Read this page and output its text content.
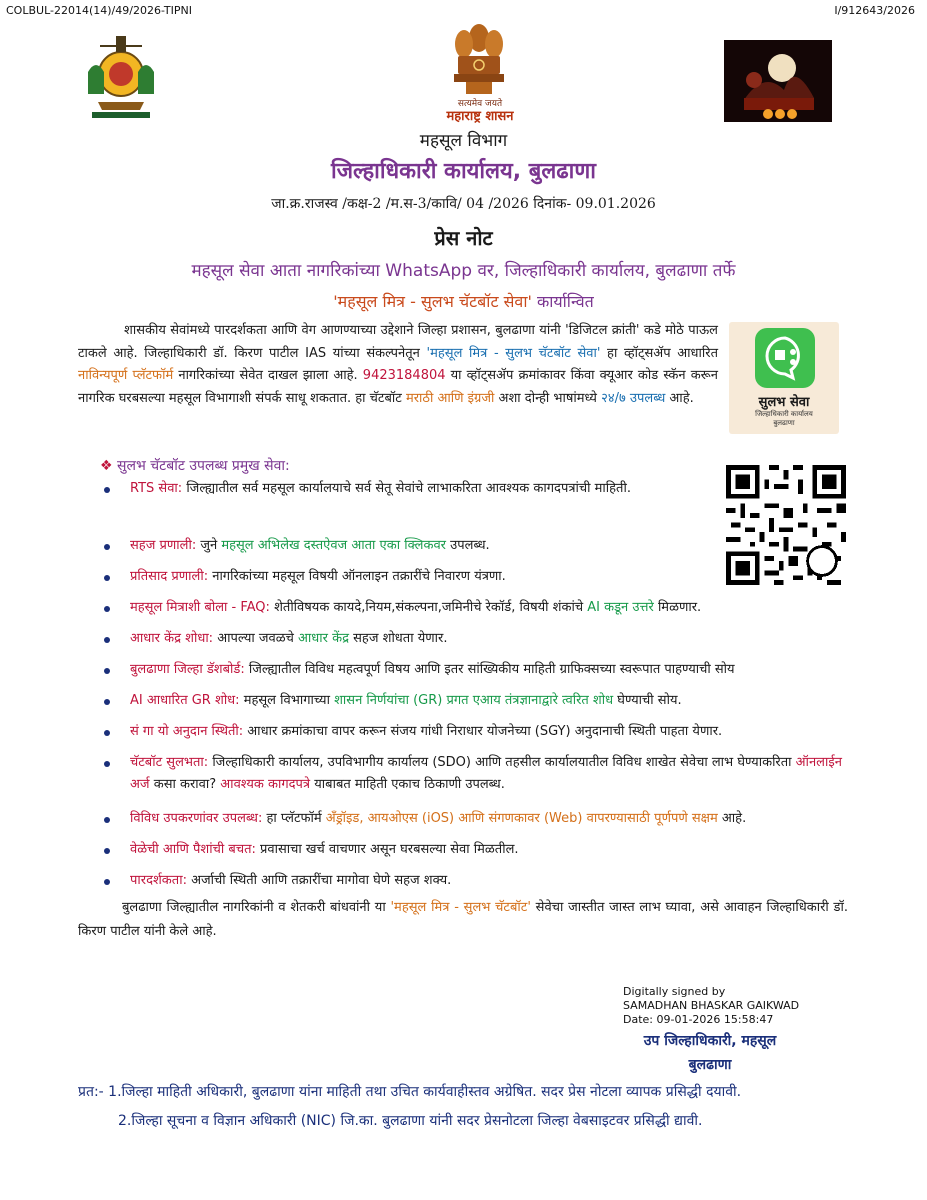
COLBUL-22014(14)/49/2026-TIPNI	I/912643/2026
सत्यमेव जयते
महाराष्ट्र शासन
महसूल विभाग
जिल्हाधिकारी कार्यालय, बुलढाणा
जा.क्र.राजस्व /कक्ष-2 /म.स-3/कावि/ 04 /2026 दिनांक- 09.01.2026
प्रेस नोट
महसूल सेवा आता नागरिकांच्या WhatsApp वर, जिल्हाधिकारी कार्यालय, बुलढाणा तर्फे
'महसूल मित्र - सुलभ चॅटबॉट सेवा' कार्यान्वित
शासकीय सेवांमध्ये पारदर्शकता आणि वेग आणण्याच्या उद्देशाने जिल्हा प्रशासन, बुलढाणा यांनी 'डिजिटल क्रांती' कडे मोठे पाऊल टाकले आहे. जिल्हाधिकारी डॉ. किरण पाटील IAS यांच्या संकल्पनेतून 'महसूल मित्र - सुलभ चॅटबॉट सेवा' हा व्हॉट्सॲप आधारित नाविन्यपूर्ण प्लॅटफॉर्म नागरिकांच्या सेवेत दाखल झाला आहे. 9423184804 या व्हॉट्सॲप क्रमांकावर किंवा क्यूआर कोड स्कॅन करून नागरिक घरबसल्या महसूल विभागाशी संपर्क साधू शकतात. हा चॅटबॉट मराठी आणि इंग्रजी अशा दोन्ही भाषांमध्ये २४/७ उपलब्ध आहे.	सुलभ सेवा
जिल्हाधिकारी कार्यालय
बुलढाणा
❖ सुलभ चॅटबॉट उपलब्ध प्रमुख सेवा:
RTS सेवा: जिल्ह्यातील सर्व महसूल कार्यालयाचे सर्व सेतू सेवांचे लाभाकरिता आवश्यक कागदपत्रांची माहिती.
सहज प्रणाली: जुने महसूल अभिलेख दस्तऐवज आता एका क्लिकवर उपलब्ध.
प्रतिसाद प्रणाली: नागरिकांच्या महसूल विषयी ऑनलाइन तक्रारींचे निवारण यंत्रणा.
महसूल मित्राशी बोला - FAQ: शेतीविषयक कायदे,नियम,संकल्पना,जमिनीचे रेकॉर्ड, विषयी शंकांचे AI कडून उत्तरे मिळणार.
आधार केंद्र शोधा: आपल्या जवळचे आधार केंद्र सहज शोधता येणार.
बुलढाणा जिल्हा डॅशबोर्ड: जिल्ह्यातील विविध महत्वपूर्ण विषय आणि इतर सांख्यिकीय माहिती ग्राफिक्सच्या स्वरूपात पाहण्याची सोय
AI आधारित GR शोध: महसूल विभागाच्या शासन निर्णयांचा (GR) प्रगत एआय तंत्रज्ञानाद्वारे त्वरित शोध घेण्याची सोय.
सं गा यो अनुदान स्थिती: आधार क्रमांकाचा वापर करून संजय गांधी निराधार योजनेच्या (SGY) अनुदानाची स्थिती पाहता येणार.
चॅटबॉट सुलभता: जिल्हाधिकारी कार्यालय, उपविभागीय कार्यालय (SDO) आणि तहसील कार्यालयातील विविध शाखेत सेवेचा लाभ घेण्याकरिता ऑनलाईन अर्ज कसा करावा? आवश्यक कागदपत्रे याबाबत माहिती एकाच ठिकाणी उपलब्ध.
विविध उपकरणांवर उपलब्ध: हा प्लॅटफॉर्म अँड्रॉइड, आयओएस (iOS) आणि संगणकावर (Web) वापरण्यासाठी पूर्णपणे सक्षम आहे.
वेळेची आणि पैशांची बचत: प्रवासाचा खर्च वाचणार असून घरबसल्या सेवा मिळतील.
पारदर्शकता: अर्जाची स्थिती आणि तक्रारींचा मागोवा घेणे सहज शक्य.
बुलढाणा जिल्ह्यातील नागरिकांनी व शेतकरी बांधवांनी या 'महसूल मित्र - सुलभ चॅटबॉट' सेवेचा जास्तीत जास्त लाभ घ्यावा, असे आवाहन जिल्हाधिकारी डॉ. किरण पाटील यांनी केले आहे.
Digitally signed by
SAMADHAN BHASKAR GAIKWAD
Date: 09-01-2026 15:58:47
उप जिल्हाधिकारी, महसूल
बुलढाणा
प्रत:- 1.जिल्हा माहिती अधिकारी, बुलढाणा यांना माहिती तथा उचित कार्यवाहीस्तव अग्रेषित. सदर प्रेस नोटला व्यापक प्रसिद्धी दयावी.
2.जिल्हा सूचना व विज्ञान अधिकारी (NIC) जि.का. बुलढाणा यांनी सदर प्रेसनोटला जिल्हा वेबसाइटवर प्रसिद्धी द्यावी.
